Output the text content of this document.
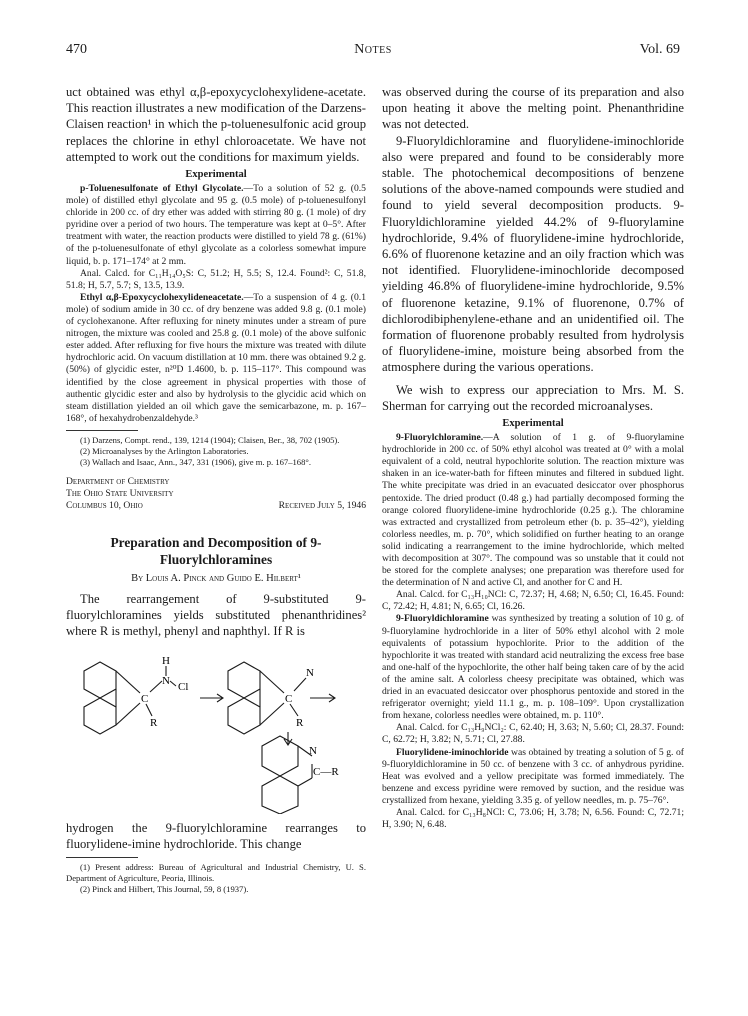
470	Notes	Vol. 69

uct obtained was ethyl α,β-epoxycyclohexylidene-acetate. This reaction illustrates a new modification of the Darzens-Claisen reaction¹ in which the p-toluenesulfonic acid group replaces the chlorine in ethyl chloroacetate. We have not attempted to work out the conditions for maximum yields.

Experimental

p-Toluenesulfonate of Ethyl Glycolate.—To a solution of 52 g. (0.5 mole) of distilled ethyl glycolate and 95 g. (0.5 mole) of p-toluenesulfonyl chloride in 200 cc. of dry ether was added with stirring 80 g. (1 mole) of dry pyridine over a period of two hours. The temperature was kept at 0–5°. After treatment with water, the reaction products were distilled to yield 78 g. (61%) of the p-toluenesulfonate of ethyl glycolate as a colorless somewhat impure liquid, b. p. 171–174° at 2 mm.

Anal. Calcd. for C₁₁H₁₄O₅S: C, 51.2; H, 5.5; S, 12.4. Found²: C, 51.8, 51.8; H, 5.7, 5.7; S, 13.5, 13.9.

Ethyl α,β-Epoxycyclohexylideneacetate.—To a suspension of 4 g. (0.1 mole) of sodium amide in 30 cc. of dry benzene was added 9.8 g. (0.1 mole) of cyclohexanone. After refluxing for ninety minutes under a stream of pure nitrogen, the mixture was cooled and 25.8 g. (0.1 mole) of the above sulfonic ester added. After refluxing for five hours the mixture was treated with dilute hydrochloric acid. On vacuum distillation at 10 mm. there was obtained 9.2 g. (50%) of glycidic ester, n²⁰D 1.4600, b. p. 115–117°. This compound was identified by the close agreement in physical properties with those of authentic glycidic ester and also by hydrolysis to the glycidic acid which on steam distillation yielded an oil which gave the semicarbazone, m. p. 167–168°, of hexahydrobenzaldehyde.³

(1) Darzens, Compt. rend., 139, 1214 (1904); Claisen, Ber., 38, 702 (1905).

(2) Microanalyses by the Arlington Laboratories.

(3) Wallach and Isaac, Ann., 347, 331 (1906), give m. p. 167–168°.

Department of Chemistry
The Ohio State University
Columbus 10, Ohio	Received July 5, 1946
Preparation and Decomposition of 9-Fluorylchloramines
By Louis A. Pinck and Guido E. Hilbert¹

The rearrangement of 9-substituted 9-fluorylchloramines yields substituted phenanthridines² where R is methyl, phenyl and naphthyl. If R is

H
N Cl
C
R
N
C
R
N
C—R

hydrogen the 9-fluorylchloramine rearranges to fluorylidene-imine hydrochloride. This change

(1) Present address: Bureau of Agricultural and Industrial Chemistry, U. S. Department of Agriculture, Peoria, Illinois.

(2) Pinck and Hilbert, This Journal, 59, 8 (1937).

was observed during the course of its preparation and also upon heating it above the melting point. Phenanthridine was not detected.

9-Fluoryldichloramine and fluorylidene-iminochloride also were prepared and found to be considerably more stable. The photochemical decompositions of benzene solutions of the above-named compounds were studied and found to yield several decomposition products. 9-Fluoryldichloramine yielded 44.2% of 9-fluorylamine hydrochloride, 9.4% of fluorylidene-imine hydrochloride, 6.6% of fluorenone ketazine and an oily fraction which was not identified. Fluorylidene-iminochloride decomposed yielding 46.8% of fluorylidene-imine hydrochloride, 9.5% of fluorenone ketazine, 9.1% of fluorenone, 0.7% of dichlorodibiphenylene-ethane and an unidentified oil. The formation of fluorenone probably resulted from hydrolysis of fluorylidene-imine, moisture being absorbed from the atmosphere during the various operations.

We wish to express our appreciation to Mrs. M. S. Sherman for carrying out the recorded microanalyses.

Experimental

9-Fluorylchloramine.—A solution of 1 g. of 9-fluorylamine hydrochloride in 200 cc. of 50% ethyl alcohol was treated at 0° with a molal equivalent of a cold, neutral hypochlorite solution. The reaction mixture was shaken in an ice-water-bath for fifteen minutes and filtered in subdued light. The white precipitate was dried in an evacuated desiccator over phosphorus pentoxide. The dried product (0.48 g.) had partially decomposed forming the orange colored fluorylidene-imine hydrochloride (0.25 g.). The chloramine was extracted and crystallized from petroleum ether (b. p. 35–42°), yielding colorless needles, m. p. 70°, which solidified on further heating to an orange solid indicating a rearrangement to the imine hydrochloride, which melted with decomposition at 307°. The compound was so unstable that it could not be stored for the complete analyses; one preparation was therefore used for the determination of N and active Cl, and another for C and H.

Anal. Calcd. for C₁₃H₁₀NCl: C, 72.37; H, 4.68; N, 6.50; Cl, 16.45. Found: C, 72.42; H, 4.81; N, 6.65; Cl, 16.26.

9-Fluoryldichloramine was synthesized by treating a solution of 10 g. of 9-fluorylamine hydrochloride in a liter of 50% ethyl alcohol with 2 mole equivalents of potassium hypochlorite. Prior to the addition of the hypochlorite it was treated with standard acid neutralizing the excess free base and one-half of the hypochlorite, the other half being taken care of by the acid of the amine salt. A colorless cheesy precipitate was obtained, which was dried in an evacuated desiccator over phosphorus pentoxide and stored in the refrigerator overnight; yield 11.1 g., m. p. 108–109°. Upon crystallization from hexane, colorless needles were obtained, m. p. 110°.

Anal. Calcd. for C₁₃H₉NCl₂: C, 62.40; H, 3.63; N, 5.60; Cl, 28.37. Found: C, 62.72; H, 3.82; N, 5.71; Cl, 27.88.

Fluorylidene-iminochloride was obtained by treating a solution of 5 g. of 9-fluoryldichloramine in 50 cc. of benzene with 3 cc. of anhydrous pyridine. Heat was evolved and a yellow precipitate was formed immediately. The benzene and excess pyridine were removed by suction, and the residue was crystallized from hexane, yielding 3.35 g. of yellow needles, m. p. 75–76°.

Anal. Calcd. for C₁₃H₈NCl: C, 73.06; H, 3.78; N, 6.56. Found: C, 72.71; H, 3.90; N, 6.48.
